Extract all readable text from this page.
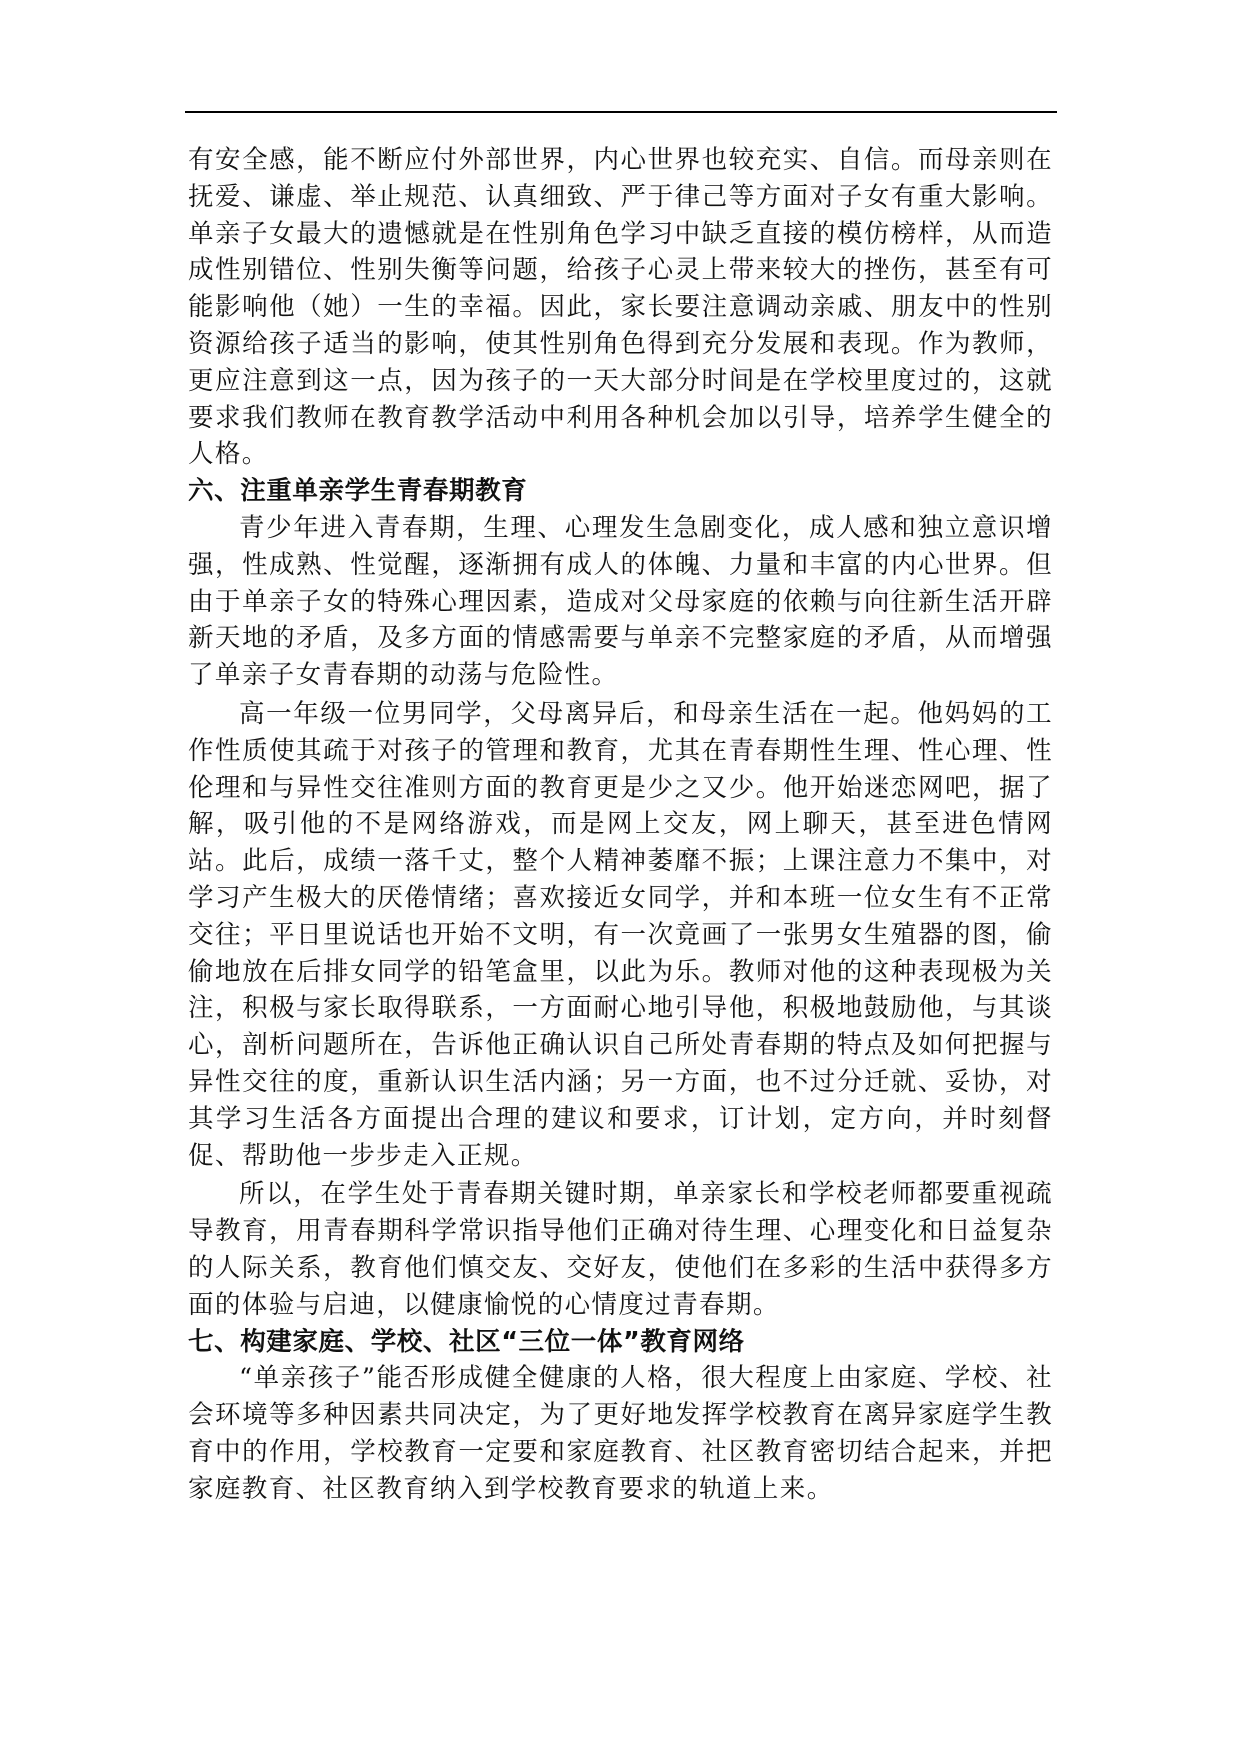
有安全感，能不断应付外部世界，内心世界也较充实、自信。而母亲则在抚爱、谦虚、举止规范、认真细致、严于律己等方面对子女有重大影响。单亲子女最大的遗憾就是在性别角色学习中缺乏直接的模仿榜样，从而造成性别错位、性别失衡等问题，给孩子心灵上带来较大的挫伤，甚至有可能影响他（她）一生的幸福。因此，家长要注意调动亲戚、朋友中的性别资源给孩子适当的影响，使其性别角色得到充分发展和表现。作为教师，更应注意到这一点，因为孩子的一天大部分时间是在学校里度过的，这就要求我们教师在教育教学活动中利用各种机会加以引导，培养学生健全的人格。

六、注重单亲学生青春期教育

青少年进入青春期，生理、心理发生急剧变化，成人感和独立意识增强，性成熟、性觉醒，逐渐拥有成人的体魄、力量和丰富的内心世界。但由于单亲子女的特殊心理因素，造成对父母家庭的依赖与向往新生活开辟新天地的矛盾，及多方面的情感需要与单亲不完整家庭的矛盾，从而增强了单亲子女青春期的动荡与危险性。

高一年级一位男同学，父母离异后，和母亲生活在一起。他妈妈的工作性质使其疏于对孩子的管理和教育，尤其在青春期性生理、性心理、性伦理和与异性交往准则方面的教育更是少之又少。他开始迷恋网吧，据了解，吸引他的不是网络游戏，而是网上交友，网上聊天，甚至进色情网站。此后，成绩一落千丈，整个人精神萎靡不振；上课注意力不集中，对学习产生极大的厌倦情绪；喜欢接近女同学，并和本班一位女生有不正常交往；平日里说话也开始不文明，有一次竟画了一张男女生殖器的图，偷偷地放在后排女同学的铅笔盒里，以此为乐。教师对他的这种表现极为关注，积极与家长取得联系，一方面耐心地引导他，积极地鼓励他，与其谈心，剖析问题所在，告诉他正确认识自己所处青春期的特点及如何把握与异性交往的度，重新认识生活内涵；另一方面，也不过分迁就、妥协，对其学习生活各方面提出合理的建议和要求，订计划，定方向，并时刻督促、帮助他一步步走入正规。

所以，在学生处于青春期关键时期，单亲家长和学校老师都要重视疏导教育，用青春期科学常识指导他们正确对待生理、心理变化和日益复杂的人际关系，教育他们慎交友、交好友，使他们在多彩的生活中获得多方面的体验与启迪，以健康愉悦的心情度过青春期。

七、构建家庭、学校、社区“三位一体”教育网络

“单亲孩子”能否形成健全健康的人格，很大程度上由家庭、学校、社会环境等多种因素共同决定，为了更好地发挥学校教育在离异家庭学生教育中的作用，学校教育一定要和家庭教育、社区教育密切结合起来，并把家庭教育、社区教育纳入到学校教育要求的轨道上来。
